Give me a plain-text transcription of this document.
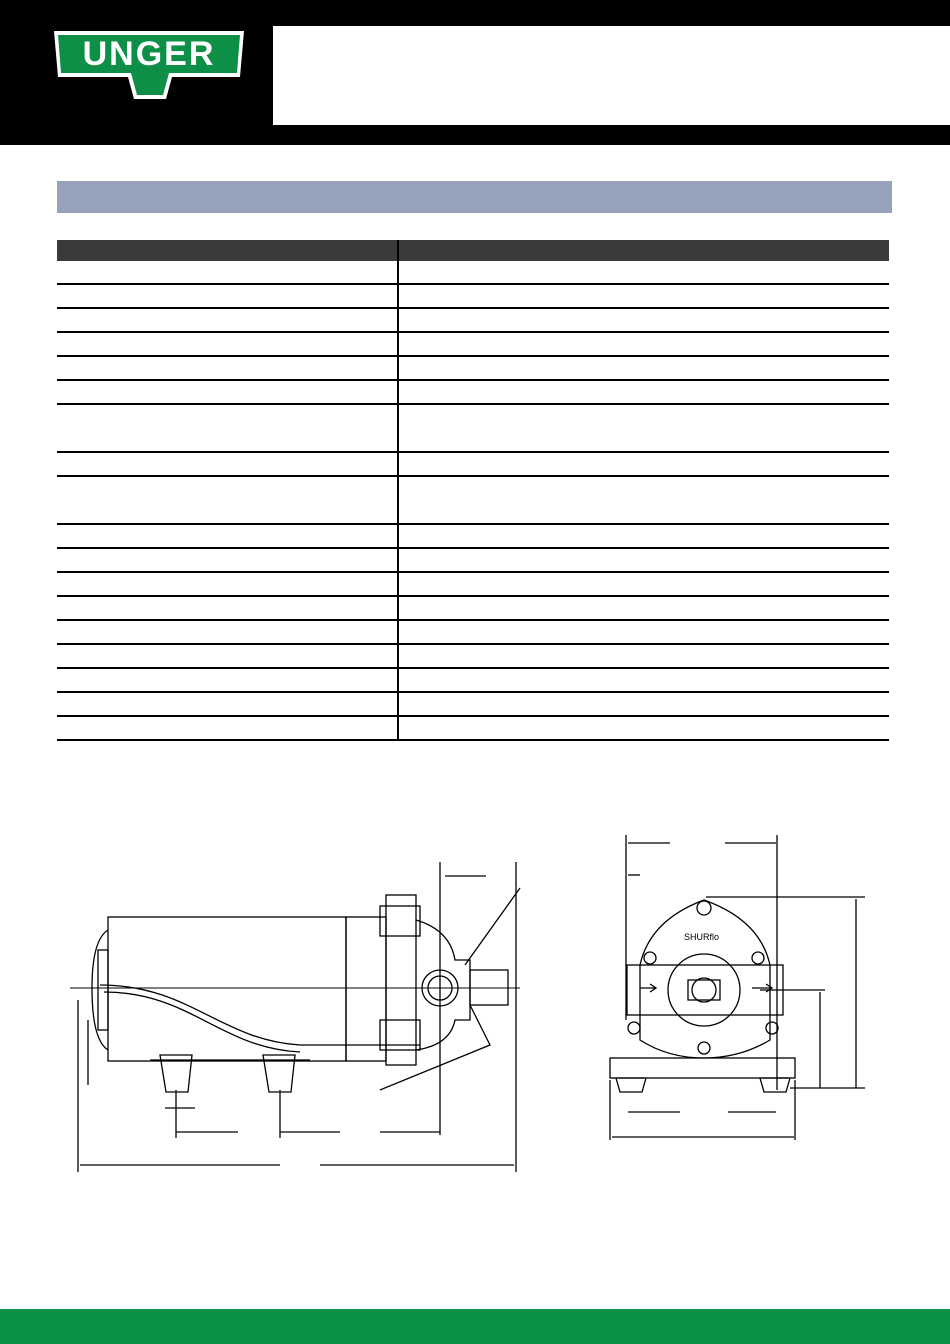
UNGER

SHURflo
